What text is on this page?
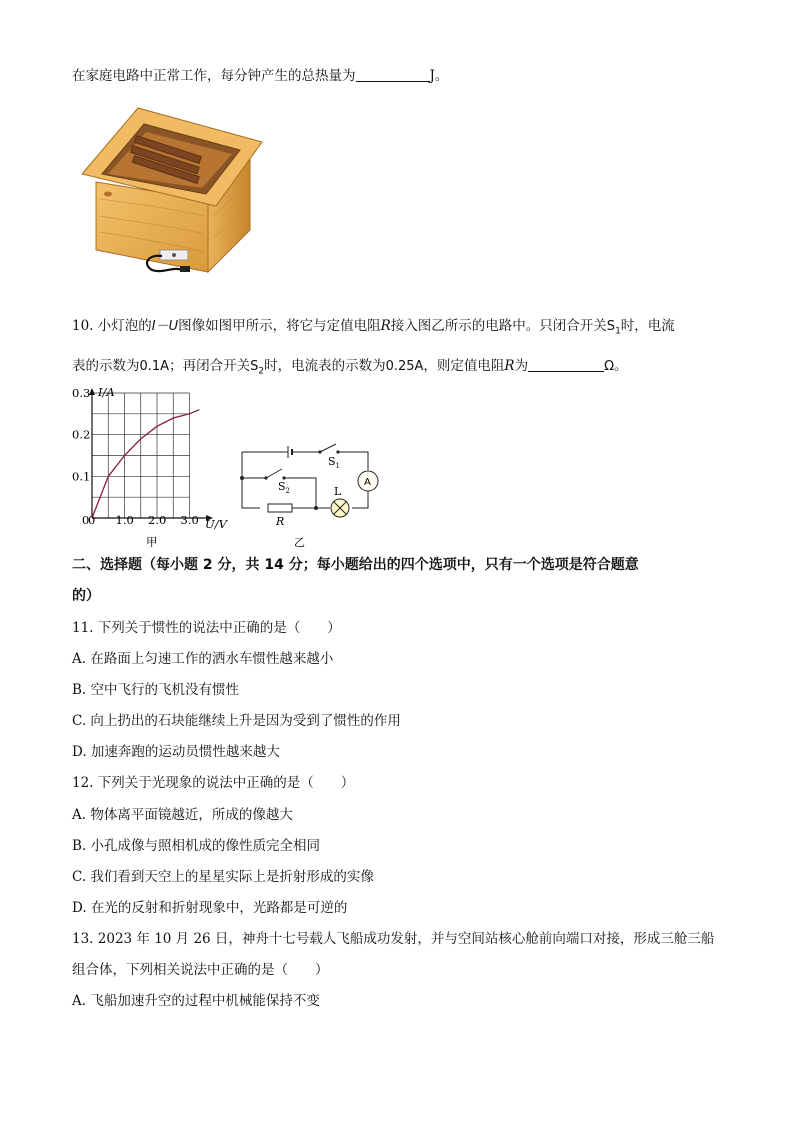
在家庭电路中正常工作，每分钟产生的总热量为	J。
10. 小灯泡的I－U图像如图甲所示，将它与定值电阻R接入图乙所示的电路中。只闭合开关$S_1$时，电流
表的示数为0.1A；再闭合开关$S_2$时，电流表的示数为0.25A，则定值电阻R为	Ω。
I/A
U/V
0
0
0.3
0.2
0.1
1.0 2.0 3.0
甲
$S_1$
$S_2$	L
A
R
乙
二、选择题（每小题 2 分，共 14 分；每小题给出的四个选项中，只有一个选项是符合题意
的）
11. 下列关于惯性的说法中正确的是（　　）
A. 在路面上匀速工作的洒水车惯性越来越小
B. 空中飞行的飞机没有惯性
C. 向上扔出的石块能继续上升是因为受到了惯性的作用
D. 加速奔跑的运动员惯性越来越大
12. 下列关于光现象的说法中正确的是（　　）
A. 物体离平面镜越近，所成的像越大
B. 小孔成像与照相机成的像性质完全相同
C. 我们看到天空上的星星实际上是折射形成的实像
D. 在光的反射和折射现象中，光路都是可逆的
13. 2023 年 10 月 26 日，神舟十七号载人飞船成功发射，并与空间站核心舱前向端口对接，形成三舱三船
组合体，下列相关说法中正确的是（　　）
A. 飞船加速升空的过程中机械能保持不变
